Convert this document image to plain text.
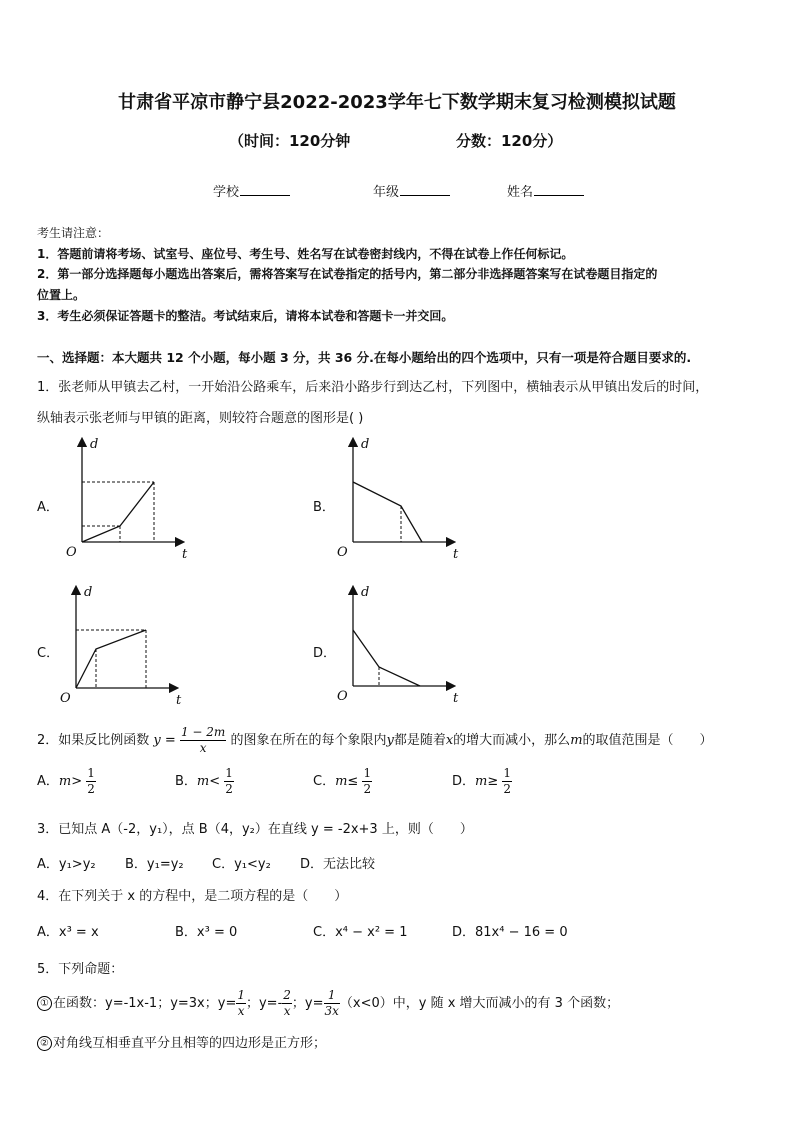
甘肃省平凉市静宁县2022-2023学年七下数学期末复习检测模拟试题
（时间：120分钟	分数：120分）
学校	年级	姓名
考生请注意：
1．答题前请将考场、试室号、座位号、考生号、姓名写在试卷密封线内，不得在试卷上作任何标记。
2．第一部分选择题每小题选出答案后，需将答案写在试卷指定的括号内，第二部分非选择题答案写在试卷题目指定的
位置上。
3．考生必须保证答题卡的整洁。考试结束后，请将本试卷和答题卡一并交回。
一、选择题：本大题共 12 个小题，每小题 3 分，共 36 分.在每小题给出的四个选项中，只有一项是符合题目要求的.
1．张老师从甲镇去乙村，一开始沿公路乘车，后来沿小路步行到达乙村，下列图中，横轴表示从甲镇出发后的时间，
纵轴表示张老师与甲镇的距离，则较符合题意的图形是( )
A．	B．
C．	D．
d
t
O
d
t
O
d
t
O
d
t
O
2．如果反比例函数 $y = \frac{1 - 2m}{x}$ 的图象在所在的每个象限内y都是随着x的增大而减小，那么m的取值范围是（　　）
A．$m> \frac{1}{2}$	B．$m< \frac{1}{2}$	C．$m\le \frac{1}{2}$	D．$m\ge \frac{1}{2}$
3．已知点 A（-2，y₁），点 B（4，y₂）在直线 y = -2x+3 上，则（　　）
A．y₁>y₂ B．y₁=y₂ C．y₁<y₂ D．无法比较
4．在下列关于 x 的方程中，是二项方程的是（　　）
A．x³ = x	B．x³ = 0	C．x⁴ − x² = 1	D．81x⁴ − 16 = 0
5．下列命题：
① 在函数：y=-1x-1；y=3x；$y= \frac{1}{x}$ ；$y=- \frac{2}{x}$ ；$y= \frac{1}{3x} (x<0)$中，y 随 x 增大而减小的有 3 个函数；
② 对角线互相垂直平分且相等的四边形是正方形；
